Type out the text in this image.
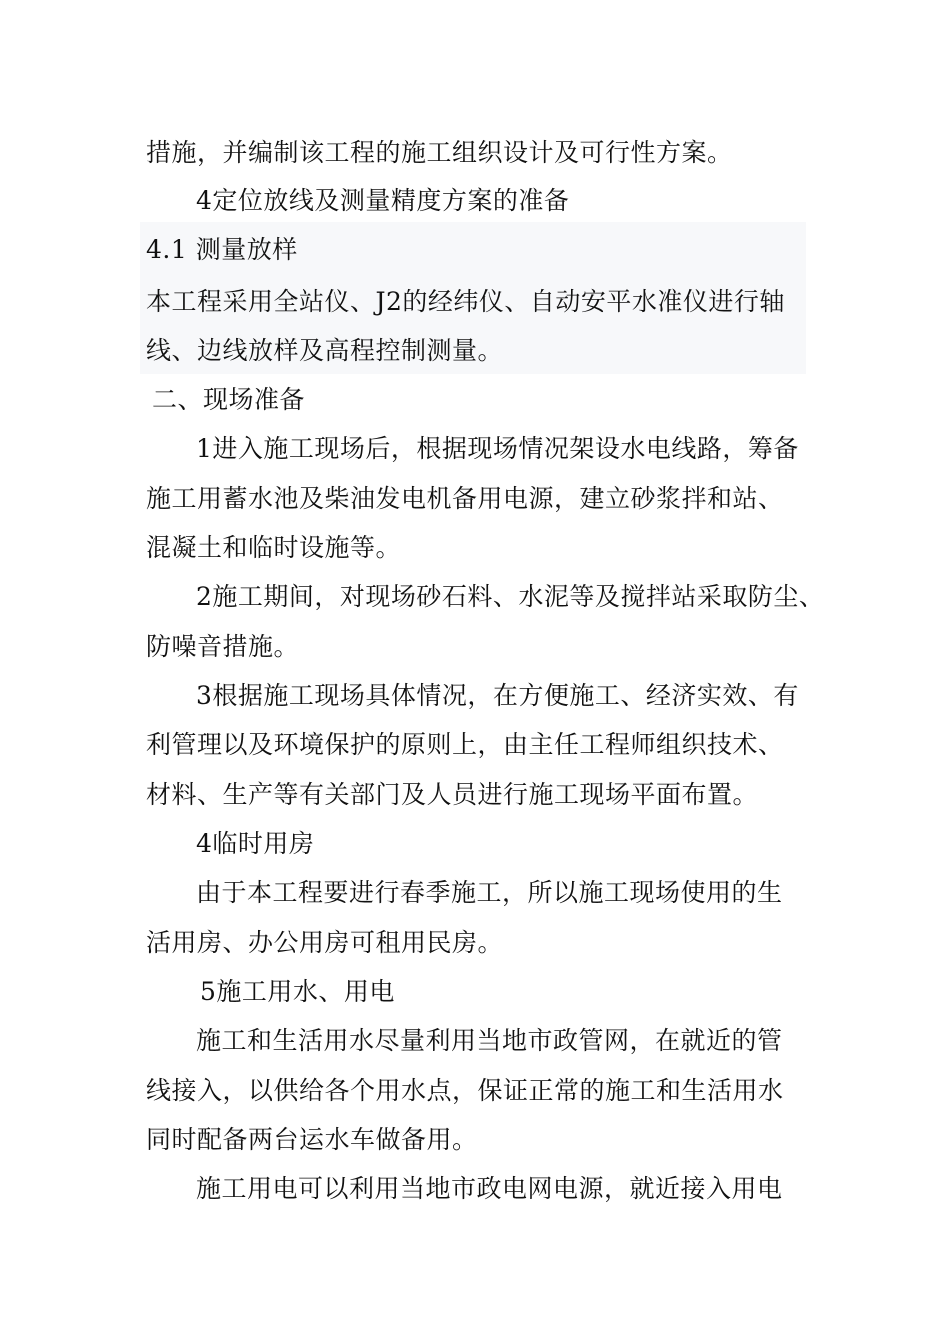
措施，并编制该工程的施工组织设计及可行性方案。
4定位放线及测量精度方案的准备
4.1 测量放样
本工程采用全站仪、J2的经纬仪、自动安平水准仪进行轴
线、边线放样及高程控制测量。
二、现场准备
1进入施工现场后，根据现场情况架设水电线路，筹备
施工用蓄水池及柴油发电机备用电源，建立砂浆拌和站、
混凝土和临时设施等。
2施工期间，对现场砂石料、水泥等及搅拌站采取防尘、
防噪音措施。
3根据施工现场具体情况，在方便施工、经济实效、有
利管理以及环境保护的原则上，由主任工程师组织技术、
材料、生产等有关部门及人员进行施工现场平面布置。
4临时用房
由于本工程要进行春季施工，所以施工现场使用的生
活用房、办公用房可租用民房。
5施工用水、用电
施工和生活用水尽量利用当地市政管网，在就近的管
线接入，以供给各个用水点，保证正常的施工和生活用水
同时配备两台运水车做备用。
施工用电可以利用当地市政电网电源，就近接入用电
